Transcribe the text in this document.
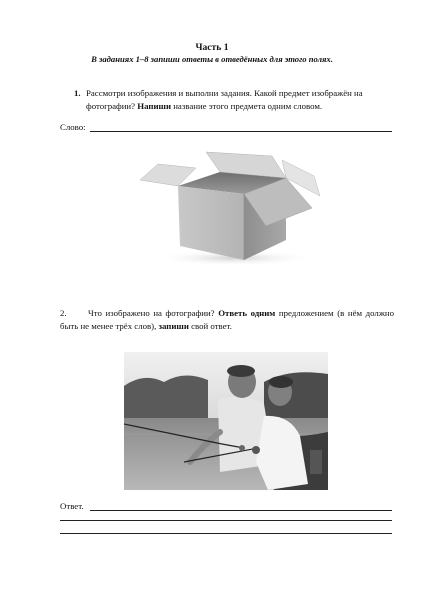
Часть 1
В заданиях 1–8 запиши ответы в отведённых для этого полях.
1. Рассмотри изображения и выполни задания. Какой предмет изображён на фотографии? Напиши название этого предмета одним словом.
Слово:
2.	Что изображено на фотографии? Ответь одним предложением (в нём должно быть не менее трёх слов), запиши свой ответ.
Ответ.
